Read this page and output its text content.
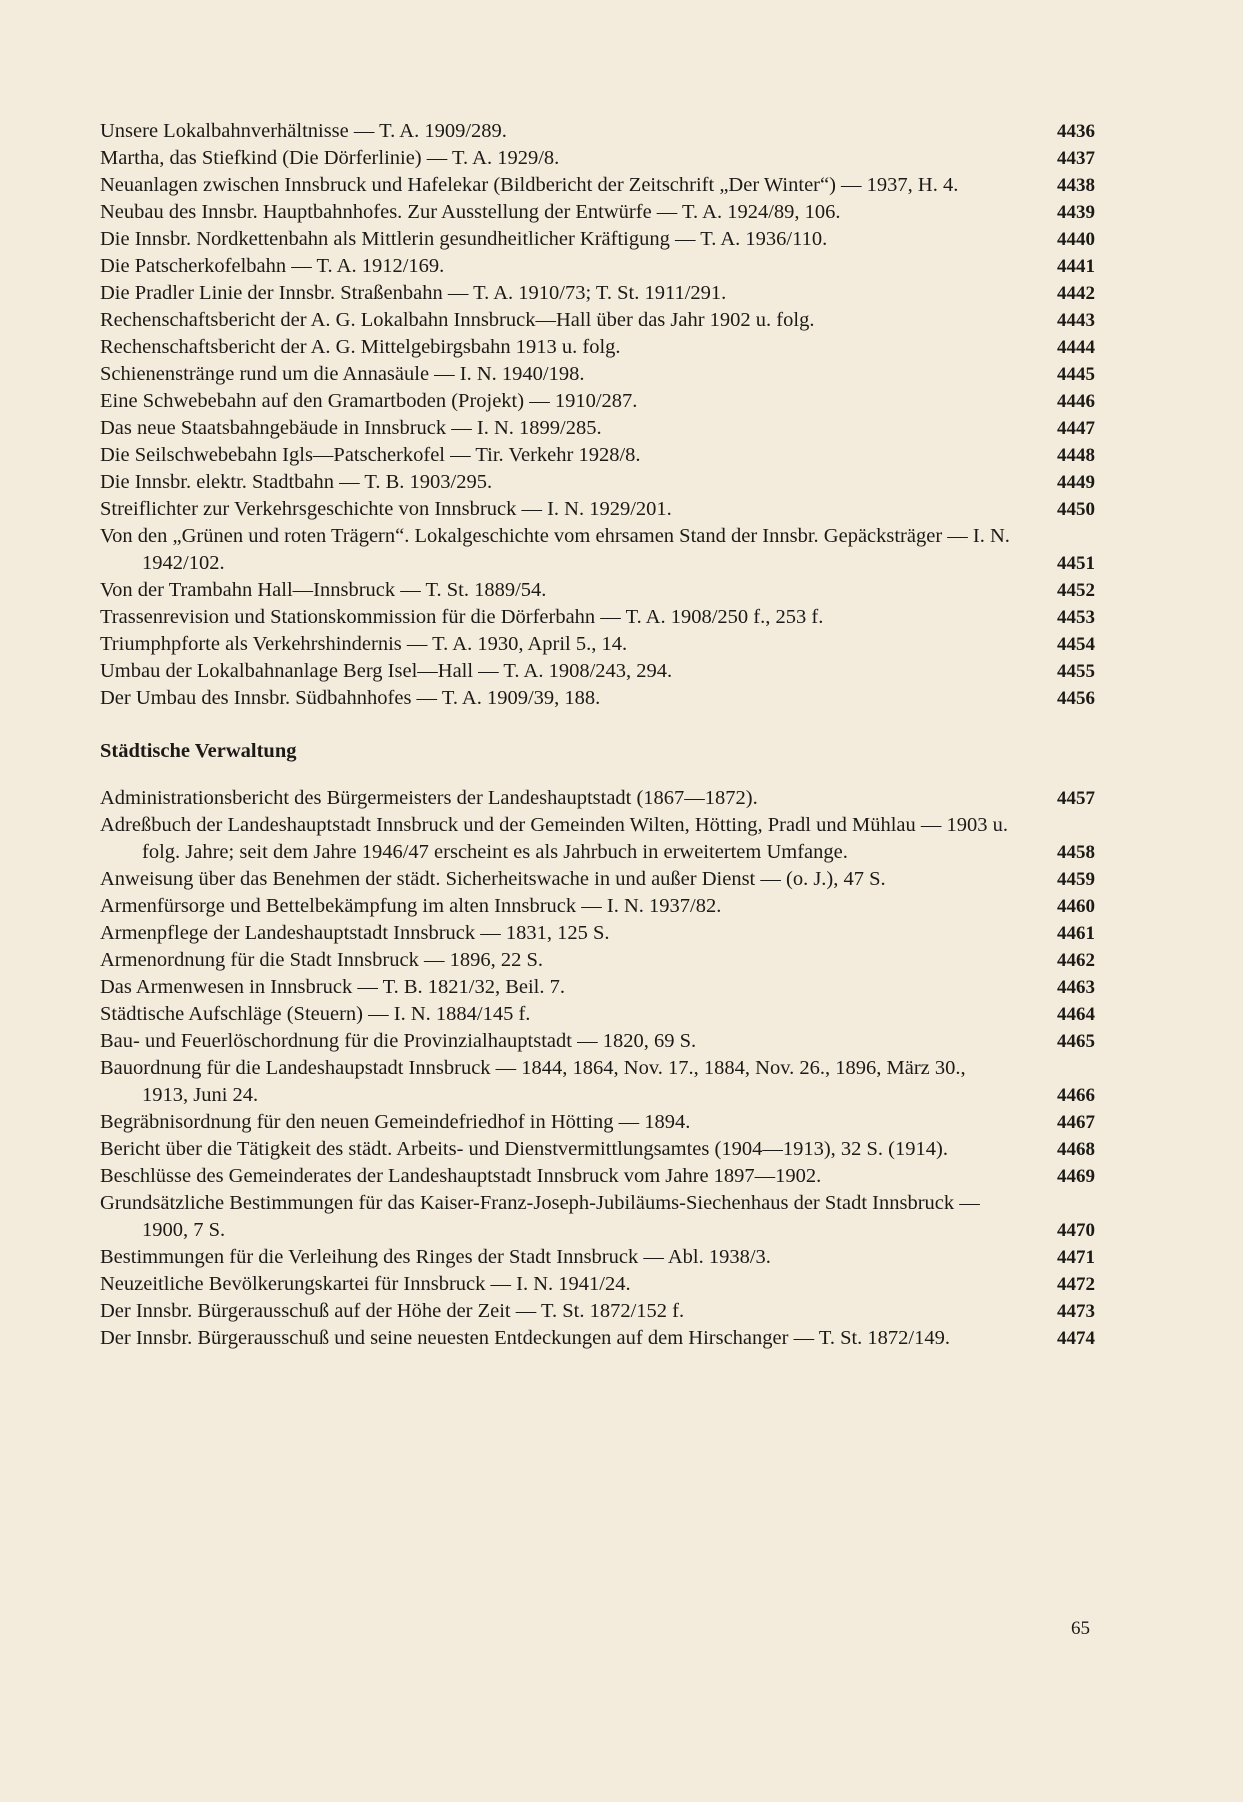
Unsere Lokalbahnverhältnisse — T. A. 1909/289.	4436
Martha, das Stiefkind (Die Dörferlinie) — T. A. 1929/8.	4437
Neuanlagen zwischen Innsbruck und Hafelekar (Bildbericht der Zeitschrift „Der Winter“) — 1937, H. 4.	4438
Neubau des Innsbr. Hauptbahnhofes. Zur Ausstellung der Entwürfe — T. A. 1924/89, 106.	4439
Die Innsbr. Nordkettenbahn als Mittlerin gesundheitlicher Kräftigung — T. A. 1936/110.	4440
Die Patscherkofelbahn — T. A. 1912/169.	4441
Die Pradler Linie der Innsbr. Straßenbahn — T. A. 1910/73; T. St. 1911/291.	4442
Rechenschaftsbericht der A. G. Lokalbahn Innsbruck—Hall über das Jahr 1902 u. folg.	4443
Rechenschaftsbericht der A. G. Mittelgebirgsbahn 1913 u. folg.	4444
Schienenstränge rund um die Annasäule — I. N. 1940/198.	4445
Eine Schwebebahn auf den Gramartboden (Projekt) — 1910/287.	4446
Das neue Staatsbahngebäude in Innsbruck — I. N. 1899/285.	4447
Die Seilschwebebahn Igls—Patscherkofel — Tir. Verkehr 1928/8.	4448
Die Innsbr. elektr. Stadtbahn — T. B. 1903/295.	4449
Streiflichter zur Verkehrsgeschichte von Innsbruck — I. N. 1929/201.	4450
Von den „Grünen und roten Trägern“. Lokalgeschichte vom ehrsamen Stand der Innsbr. Gepäcksträger — I. N. 1942/102.	4451
Von der Trambahn Hall—Innsbruck — T. St. 1889/54.	4452
Trassenrevision und Stationskommission für die Dörferbahn — T. A. 1908/250 f., 253 f.	4453
Triumphpforte als Verkehrshindernis — T. A. 1930, April 5., 14.	4454
Umbau der Lokalbahnanlage Berg Isel—Hall — T. A. 1908/243, 294.	4455
Der Umbau des Innsbr. Südbahnhofes — T. A. 1909/39, 188.	4456
Städtische Verwaltung
Administrationsbericht des Bürgermeisters der Landeshauptstadt (1867—1872).	4457
Adreßbuch der Landeshauptstadt Innsbruck und der Gemeinden Wilten, Hötting, Pradl und Mühlau — 1903 u. folg. Jahre; seit dem Jahre 1946/47 erscheint es als Jahrbuch in erweitertem Umfange.	4458
Anweisung über das Benehmen der städt. Sicherheitswache in und außer Dienst — (o. J.), 47 S.	4459
Armenfürsorge und Bettelbekämpfung im alten Innsbruck — I. N. 1937/82.	4460
Armenpflege der Landeshauptstadt Innsbruck — 1831, 125 S.	4461
Armenordnung für die Stadt Innsbruck — 1896, 22 S.	4462
Das Armenwesen in Innsbruck — T. B. 1821/32, Beil. 7.	4463
Städtische Aufschläge (Steuern) — I. N. 1884/145 f.	4464
Bau- und Feuerlöschordnung für die Provinzialhauptstadt — 1820, 69 S.	4465
Bauordnung für die Landeshaupstadt Innsbruck — 1844, 1864, Nov. 17., 1884, Nov. 26., 1896, März 30., 1913, Juni 24.	4466
Begräbnisordnung für den neuen Gemeindefriedhof in Hötting — 1894.	4467
Bericht über die Tätigkeit des städt. Arbeits- und Dienstvermittlungsamtes (1904—1913), 32 S. (1914).	4468
Beschlüsse des Gemeinderates der Landeshauptstadt Innsbruck vom Jahre 1897—1902.	4469
Grundsätzliche Bestimmungen für das Kaiser-Franz-Joseph-Jubiläums-Siechenhaus der Stadt Innsbruck — 1900, 7 S.	4470
Bestimmungen für die Verleihung des Ringes der Stadt Innsbruck — Abl. 1938/3.	4471
Neuzeitliche Bevölkerungskartei für Innsbruck — I. N. 1941/24.	4472
Der Innsbr. Bürgerausschuß auf der Höhe der Zeit — T. St. 1872/152 f.	4473
Der Innsbr. Bürgerausschuß und seine neuesten Entdeckungen auf dem Hirschanger — T. St. 1872/149.	4474
65
